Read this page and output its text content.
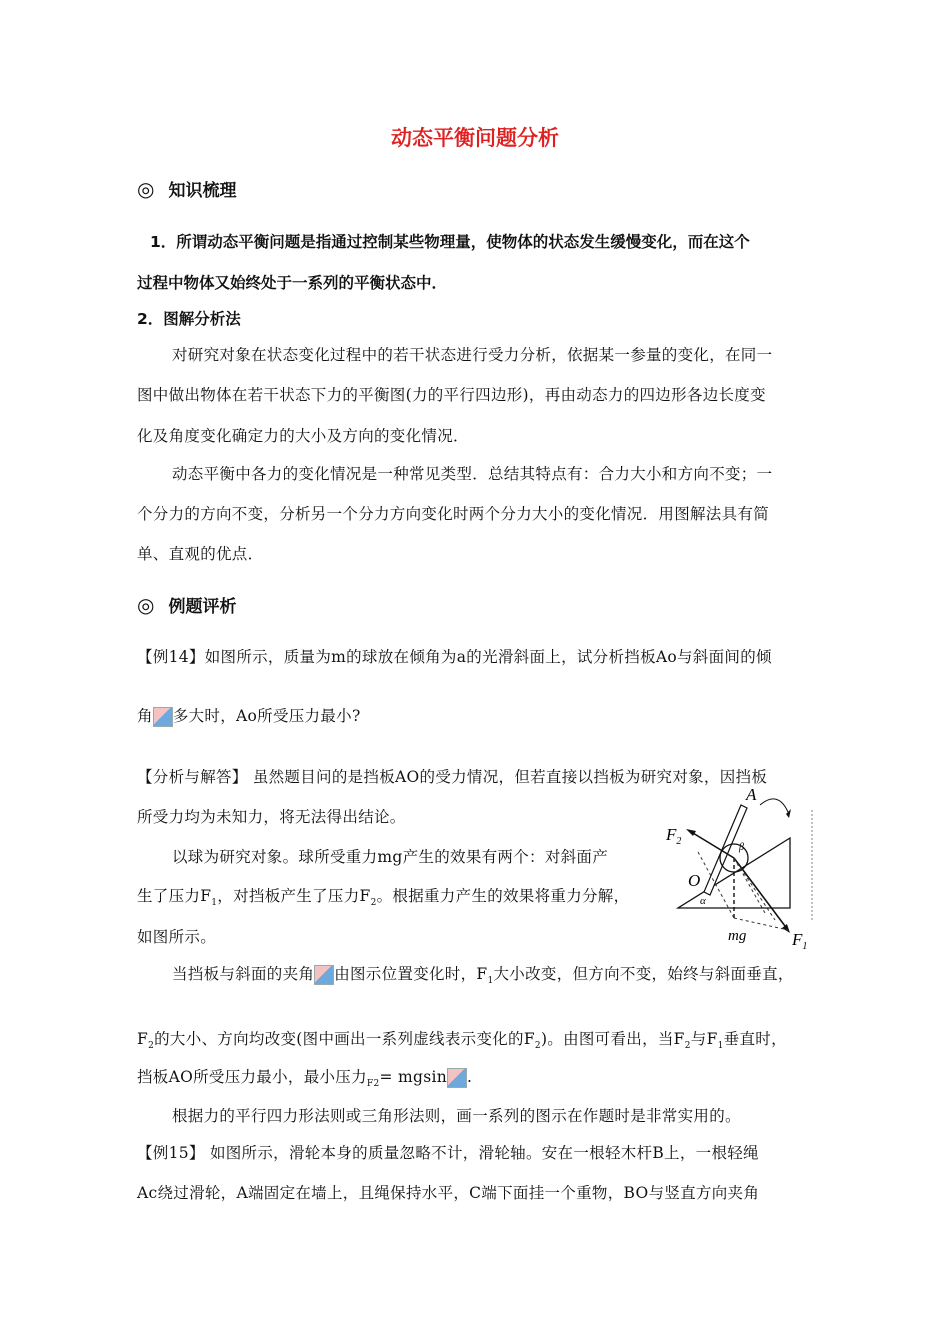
动态平衡问题分析
◎ 知识梳理
1．所谓动态平衡问题是指通过控制某些物理量，使物体的状态发生缓慢变化，而在这个
过程中物体又始终处于一系列的平衡状态中．
2．图解分析法
对研究对象在状态变化过程中的若干状态进行受力分析，依据某一参量的变化，在同一
图中做出物体在若干状态下力的平衡图(力的平行四边形)，再由动态力的四边形各边长度变
化及角度变化确定力的大小及方向的变化情况．
动态平衡中各力的变化情况是一种常见类型．总结其特点有：合力大小和方向不变；一
个分力的方向不变，分析另一个分力方向变化时两个分力大小的变化情况．用图解法具有简
单、直观的优点．
◎ 例题评析
【例14】如图所示，质量为m的球放在倾角为a的光滑斜面上，试分析挡板Ao与斜面间的倾
角 多大时，Ao所受压力最小?
【分析与解答】 虽然题目问的是挡板AO的受力情况，但若直接以挡板为研究对象，因挡板
所受力均为未知力，将无法得出结论。
以球为研究对象。球所受重力mg产生的效果有两个：对斜面产
生了压力$F_1$，对挡板产生了压力$F_2$。根据重力产生的效果将重力分解，
如图所示。
当挡板与斜面的夹角 由图示位置变化时，$F_1$大小改变，但方向不变，始终与斜面垂直，
$F_2$的大小、方向均改变(图中画出一系列虚线表示变化的$F_2$)。由图可看出，当$F_2$与$F_1$垂直时，
挡板AO所受压力最小，最小压力$_{F2}$= mgsin .
根据力的平行四力形法则或三角形法则，画一系列的图示在作题时是非常实用的。
【例15】 如图所示，滑轮本身的质量忽略不计，滑轮轴。安在一根轻木杆B上，一根轻绳
Ac绕过滑轮，A端固定在墙上，且绳保持水平，C端下面挂一个重物，BO与竖直方向夹角
A
$F_2$
O
α
β
mg	$F_1$
